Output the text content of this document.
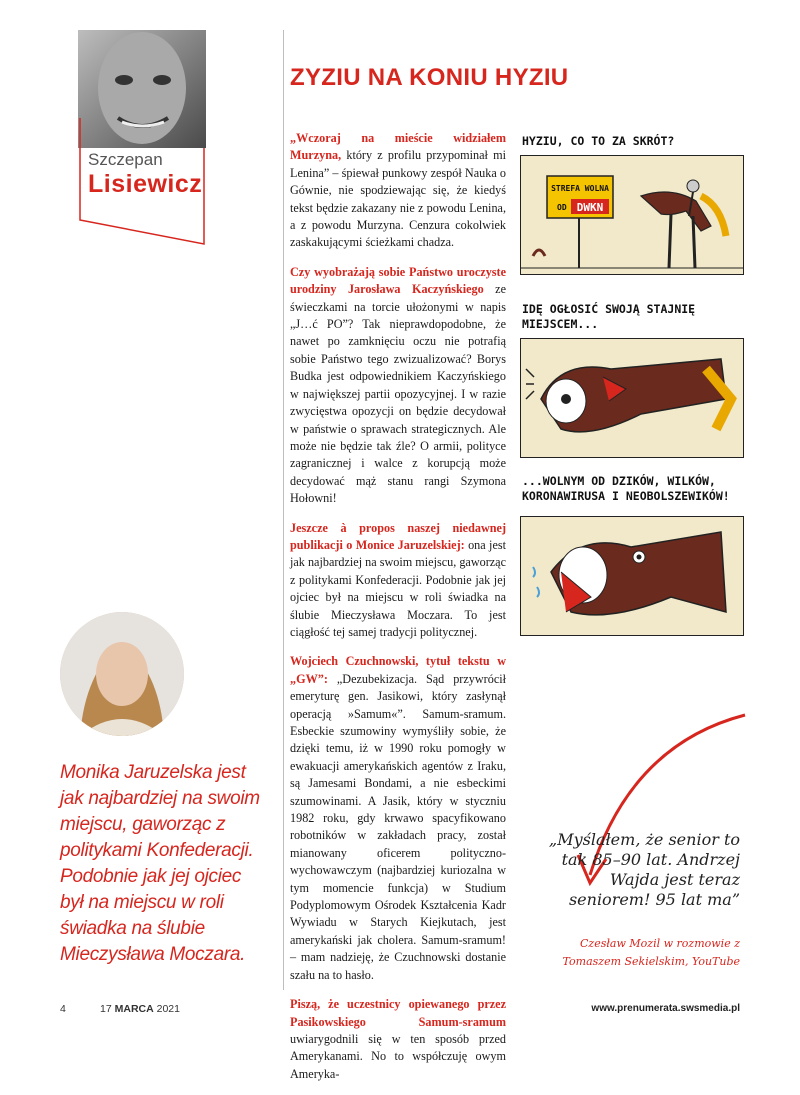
Szczepan
Lisiewicz
ZYZIU NA KONIU HYZIU

„Wczoraj na mieście widziałem Murzyna, który z profilu przypominał mi Lenina” – śpiewał punkowy zespół Nauka o Gównie, nie spodziewając się, że kiedyś tekst będzie zakazany nie z powodu Lenina, a z powodu Murzyna. Cenzura cokolwiek zaskakującymi ścieżkami chadza.

Czy wyobrażają sobie Państwo uroczyste urodziny Jarosława Kaczyńskiego ze świeczkami na torcie ułożonymi w napis „J…ć PO”? Tak nieprawdopodobne, że nawet po zamknięciu oczu nie potrafią sobie Państwo tego zwizualizować? Borys Budka jest odpowiednikiem Kaczyńskiego w największej partii opozycyjnej. I w razie zwycięstwa opozycji on będzie decydował w państwie o sprawach strategicznych. Ale może nie będzie tak źle? O armii, polityce zagranicznej i walce z korupcją może decydować mąż stanu rangi Szymona Hołowni!

Jeszcze à propos naszej niedawnej publikacji o Monice Jaruzelskiej: ona jest jak najbardziej na swoim miejscu, gaworząc z politykami Konfederacji. Podobnie jak jej ojciec był na miejscu w roli świadka na ślubie Mieczysława Moczara. To jest ciągłość tej samej tradycji politycznej.

Wojciech Czuchnowski, tytuł tekstu w „GW”: „Dezubekizacja. Sąd przywrócił emeryturę gen. Jasikowi, który zasłynął operacją »Samum«”. Samum-sramum. Esbeckie szumowiny wymyśliły sobie, że dzięki temu, iż w 1990 roku pomogły w ewakuacji amerykańskich agentów z Iraku, są Jamesami Bondami, a nie esbeckimi szumowinami. A Jasik, który w styczniu 1982 roku, gdy krwawo spacyfikowano robotników w zakładach pracy, został mianowany oficerem polityczno-wychowawczym (najbardziej kuriozalna w tym momencie funkcja) w Studium Podyplomowym Ośrodek Kształcenia Kadr Wywiadu w Starych Kiejkutach, jest amerykański jak cholera. Samum-sramum! – mam nadzieję, że Czuchnowski dostanie szału na to hasło.

Piszą, że uczestnicy opiewanego przez Pasikowskiego Samum-sramum uwiarygodnili się w ten sposób przed Amerykanami. No to współczuję owym Ameryka-

HYZIU, CO TO ZA SKRÓT?
STREFA WOLNA
OD DWKN
IDĘ OGŁOSIĆ SWOJĄ STAJNIĘ MIEJSCEM...
...WOLNYM OD DZIKÓW, WILKÓW, KORONAWIRUSA I NEOBOLSZEWIKÓW!
Monika Jaruzelska jest jak najbardziej na swoim miejscu, gaworząc z politykami Konfederacji. Podobnie jak jej ojciec był na miejscu w roli świadka na ślubie Mieczysława Moczara.
„Myślałem, że senior to tak 85–90 lat. Andrzej Wajda jest teraz seniorem! 95 lat ma”
Czesław Mozil w rozmowie z Tomaszem Sekielskim, YouTube
4	17 MARCA 2021	www.prenumerata.swsmedia.pl
